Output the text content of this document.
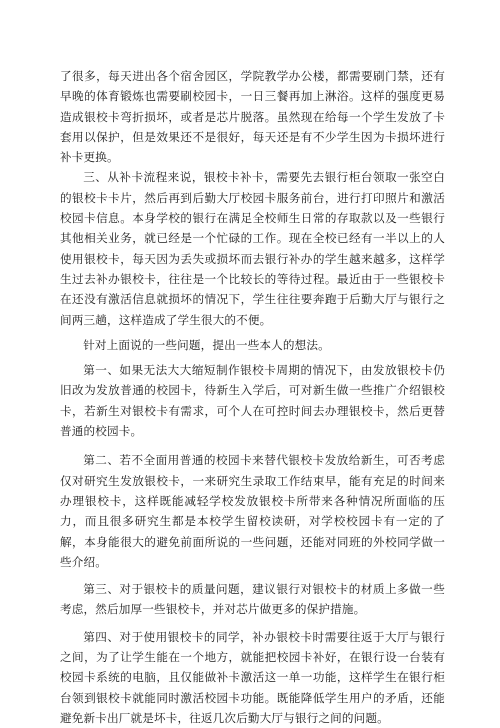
了很多，每天进出各个宿舍园区，学院教学办公楼，都需要刷门禁，还有早晚的体育锻炼也需要刷校园卡，一日三餐再加上淋浴。这样的强度更易造成银校卡弯折损坏，或者是芯片脱落。虽然现在给每一个学生发放了卡套用以保护，但是效果还不是很好，每天还是有不少学生因为卡损坏进行补卡更换。

三、从补卡流程来说，银校卡补卡，需要先去银行柜台领取一张空白的银校卡卡片，然后再到后勤大厅校园卡服务前台，进行打印照片和激活校园卡信息。本身学校的银行在满足全校师生日常的存取款以及一些银行其他相关业务，就已经是一个忙碌的工作。现在全校已经有一半以上的人使用银校卡，每天因为丢失或损坏而去银行补办的学生越来越多，这样学生过去补办银校卡，往往是一个比较长的等待过程。最近由于一些银校卡在还没有激活信息就损坏的情况下，学生往往要奔跑于后勤大厅与银行之间两三趟，这样造成了学生很大的不便。

针对上面说的一些问题，提出一些本人的想法。

第一、如果无法大大缩短制作银校卡周期的情况下，由发放银校卡仍旧改为发放普通的校园卡，待新生入学后，可对新生做一些推广介绍银校卡，若新生对银校卡有需求，可个人在可控时间去办理银校卡，然后更替普通的校园卡。

第二、若不全面用普通的校园卡来替代银校卡发放给新生，可否考虑仅对研究生发放银校卡，一来研究生录取工作结束早，能有充足的时间来办理银校卡，这样既能减轻学校发放银校卡所带来各种情况所面临的压力，而且很多研究生都是本校学生留校读研，对学校校园卡有一定的了解，本身能很大的避免前面所说的一些问题，还能对同班的外校同学做一些介绍。

第三、对于银校卡的质量问题，建议银行对银校卡的材质上多做一些考虑，然后加厚一些银校卡，并对芯片做更多的保护措施。

第四、对于使用银校卡的同学，补办银校卡时需要往返于大厅与银行之间，为了让学生能在一个地方，就能把校园卡补好，在银行设一台装有校园卡系统的电脑，且仅能做补卡激活这一单一功能，这样学生在银行柜台领到银校卡就能同时激活校园卡功能。既能降低学生用户的矛盾，还能避免新卡出厂就是坏卡，往返几次后勤大厅与银行之间的问题。
